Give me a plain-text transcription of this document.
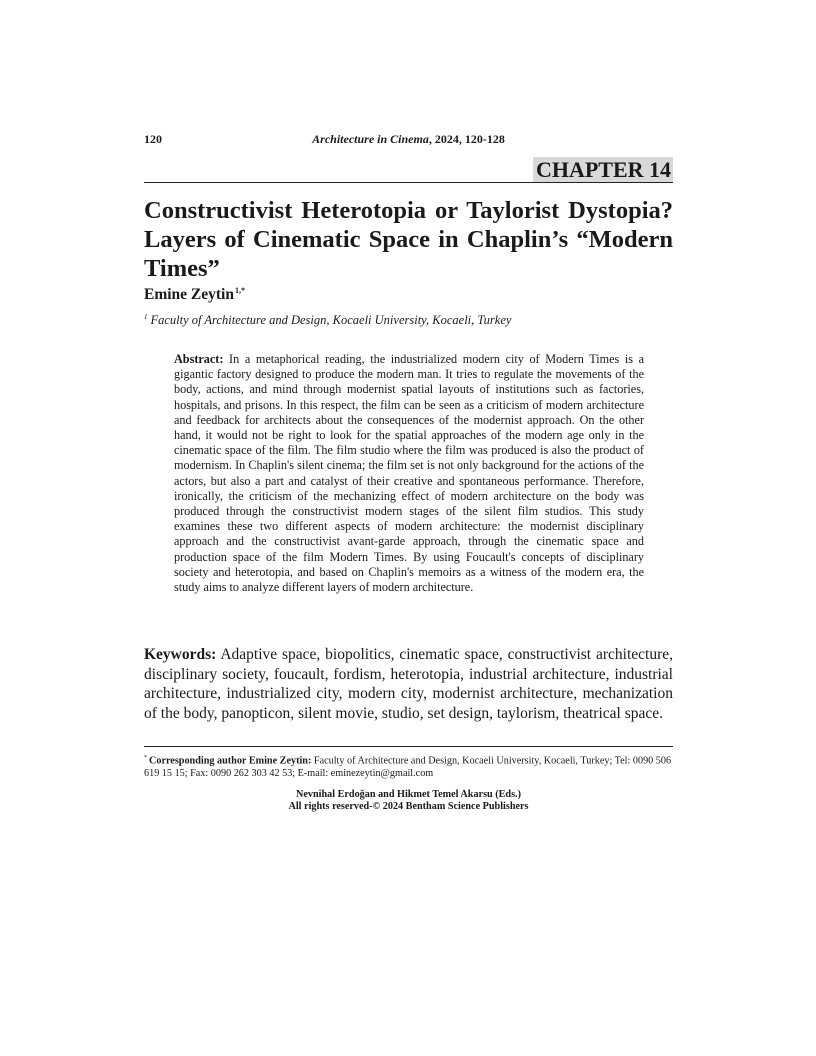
120	Architecture in Cinema, 2024, 120-128
CHAPTER 14
Constructivist Heterotopia or Taylorist Dystopia? Layers of Cinematic Space in Chaplin’s “Modern Times”
Emine Zeytin$^{1,*}$
$^1$ Faculty of Architecture and Design, Kocaeli University, Kocaeli, Turkey

Abstract: In a metaphorical reading, the industrialized modern city of Modern Times is a gigantic factory designed to produce the modern man. It tries to regulate the movements of the body, actions, and mind through modernist spatial layouts of institutions such as factories, hospitals, and prisons. In this respect, the film can be seen as a criticism of modern architecture and feedback for architects about the consequences of the modernist approach. On the other hand, it would not be right to look for the spatial approaches of the modern age only in the cinematic space of the film. The film studio where the film was produced is also the product of modernism. In Chaplin's silent cinema; the film set is not only background for the actions of the actors, but also a part and catalyst of their creative and spontaneous performance. Therefore, ironically, the criticism of the mechanizing effect of modern architecture on the body was produced through the constructivist modern stages of the silent film studios. This study examines these two different aspects of modern architecture: the modernist disciplinary approach and the constructivist avant-garde approach, through the cinematic space and production space of the film Modern Times. By using Foucault's concepts of disciplinary society and heterotopia, and based on Chaplin's memoirs as a witness of the modern era, the study aims to analyze different layers of modern architecture.

Keywords: Adaptive space, biopolitics, cinematic space, constructivist architecture, disciplinary society, foucault, fordism, heterotopia, industrial architecture, industrial architecture, industrialized city, modern city, modernist architecture, mechanization of the body, panopticon, silent movie, studio, set design, taylorism, theatrical space.

* Corresponding author Emine Zeytin: Faculty of Architecture and Design, Kocaeli University, Kocaeli, Turkey; Tel: 0090 506 619 15 15; Fax: 0090 262 303 42 53; E-mail: eminezeytin@gmail.com

Nevnihal Erdoğan and Hikmet Temel Akarsu (Eds.)
All rights reserved-© 2024 Bentham Science Publishers
